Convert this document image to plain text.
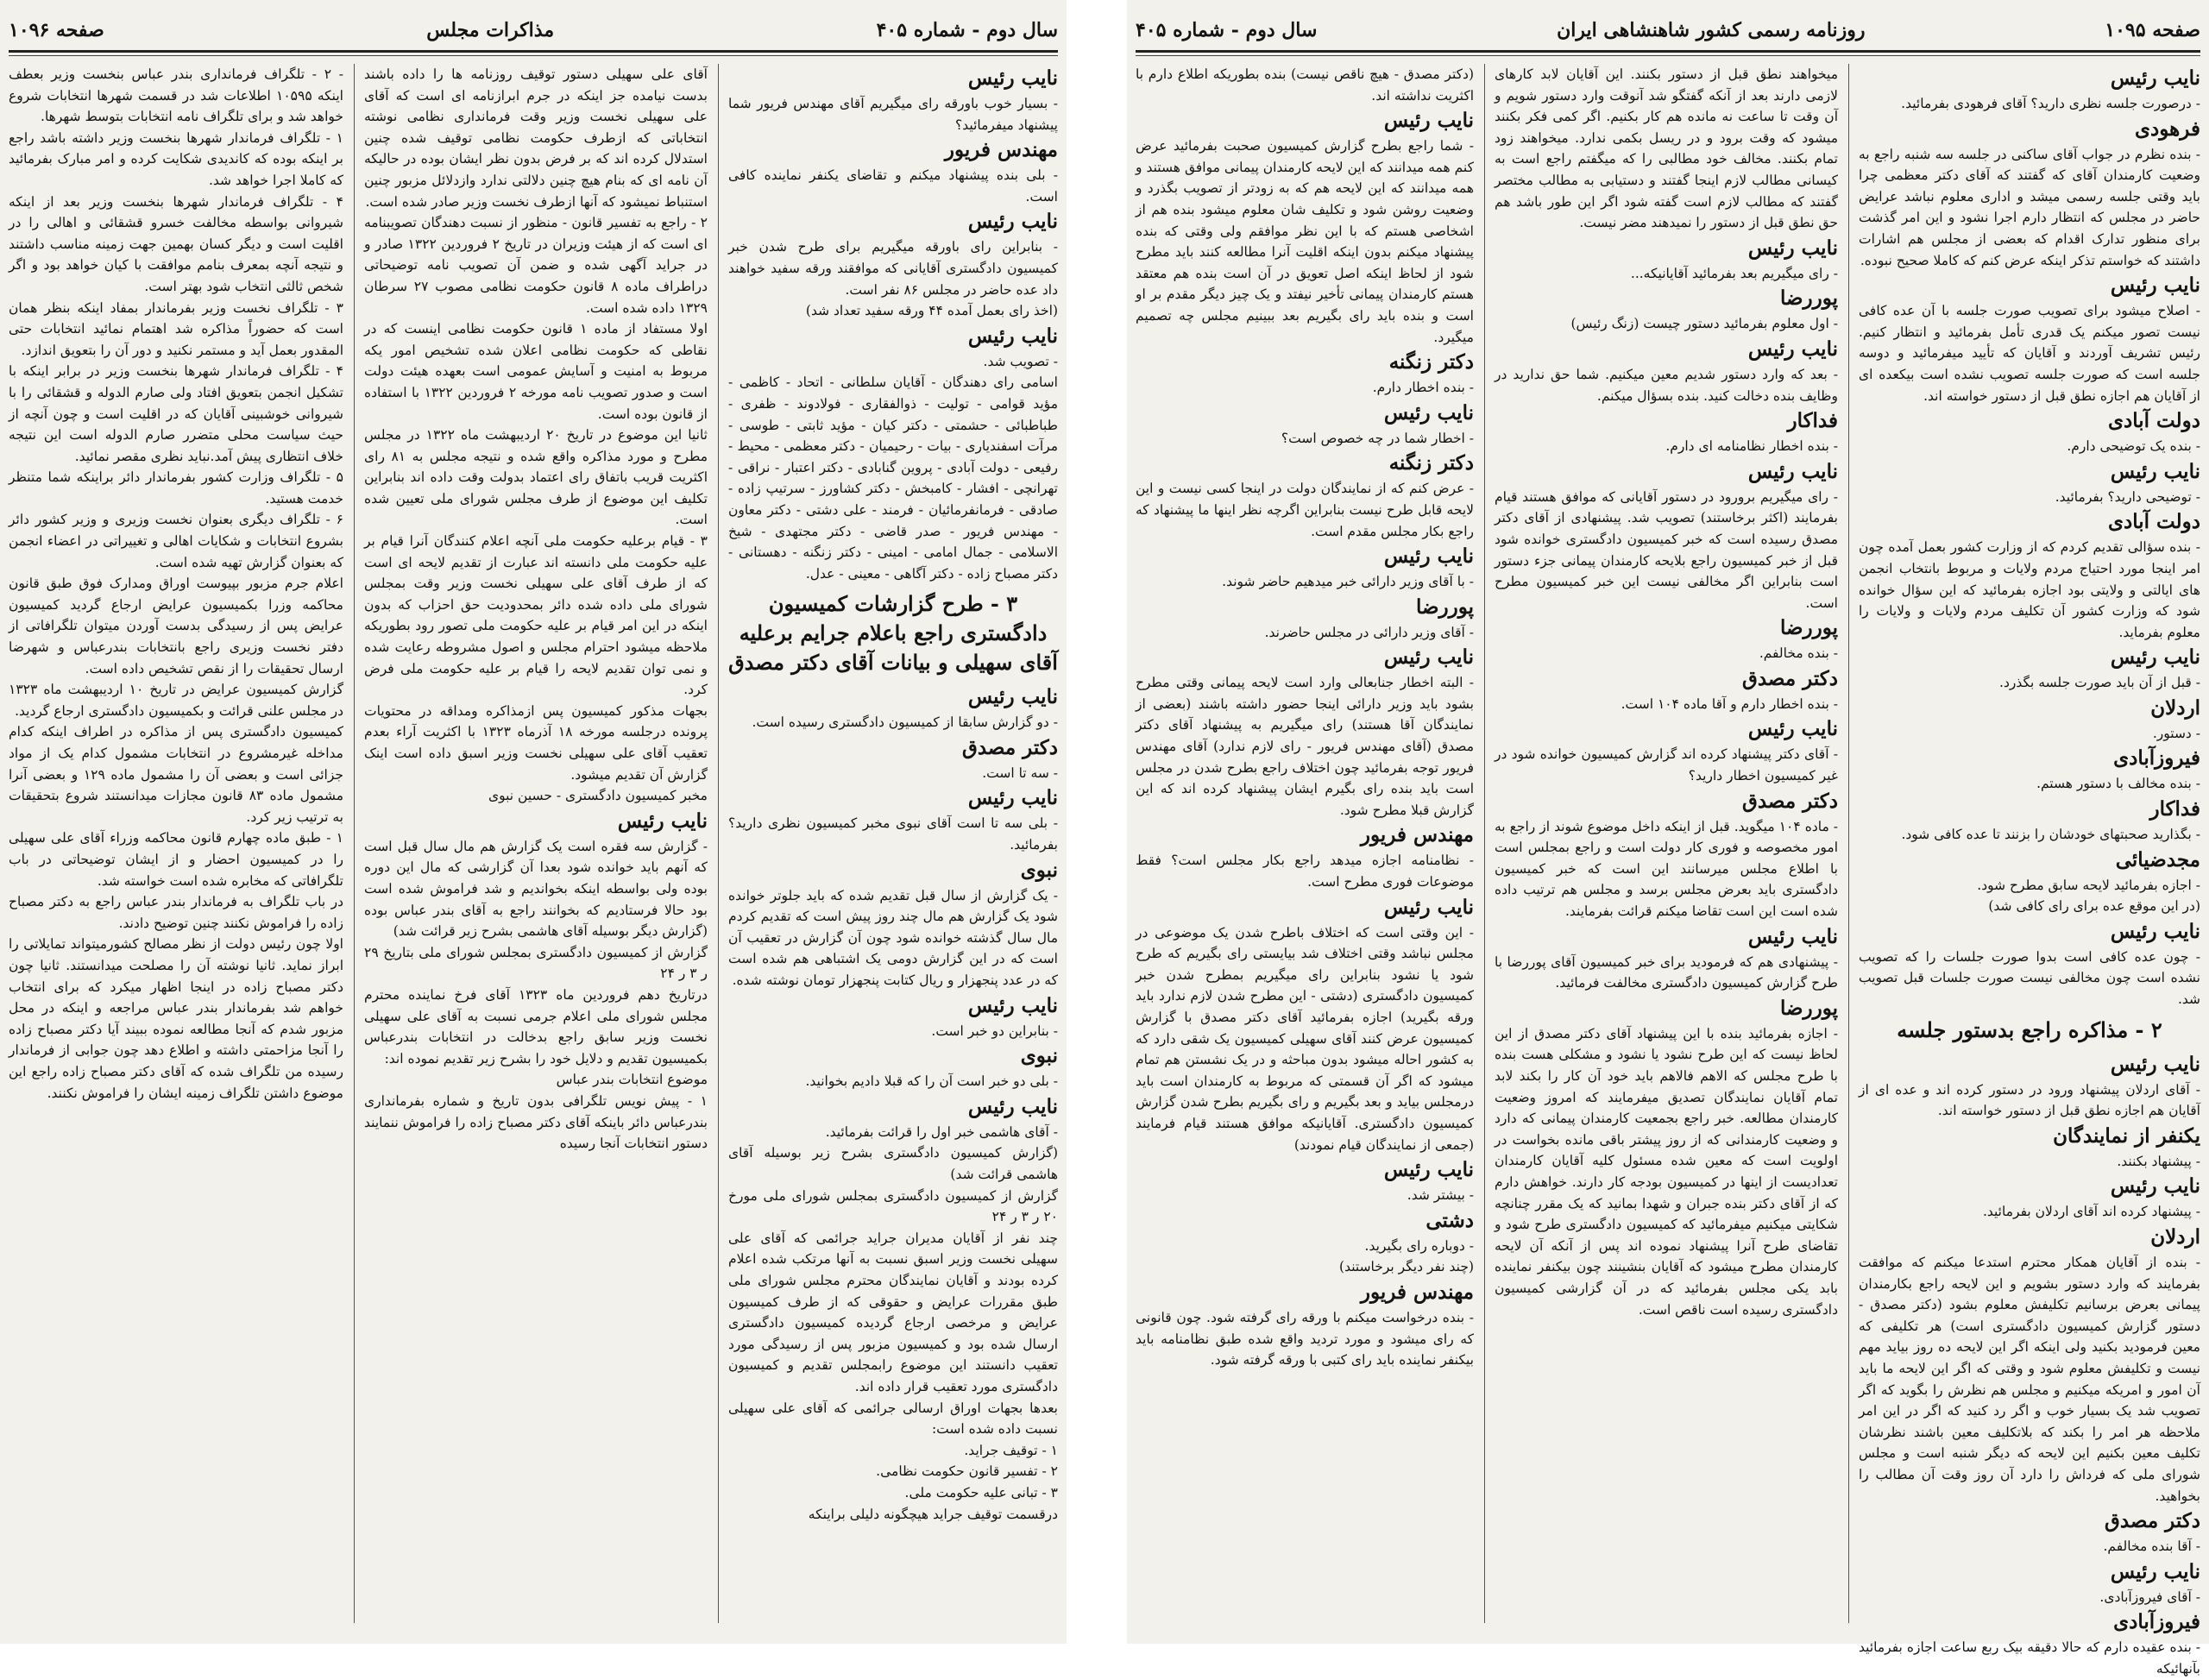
سال دوم - شماره ۴۰۵
مذاکرات مجلس
صفحه ۱۰۹۶

- ۲ - تلگراف فرمانداری بندر عباس بنخست وزیر بعطف اینکه ۱۰۵۹۵ اطلاعات شد در قسمت شهرها انتخابات شروع خواهد شد و برای تلگراف نامه انتخابات بتوسط شهرها.

۱ - تلگراف فرماندار شهرها بنخست وزیر داشته باشد راجع بر اینکه بوده که کاندیدی شکایت کرده و امر مبارک بفرمائید که کاملا اجرا خواهد شد.

۴ - تلگراف فرماندار شهرها بنخست وزیر بعد از اینکه شیروانی بواسطه مخالفت خسرو قشقائی و اهالی را در اقلیت است و دیگر کسان بهمین جهت زمینه مناسب داشتند و نتیجه آنچه بمعرف بنامم موافقت با کیان خواهد بود و اگر شخص ثالثی انتخاب شود بهتر است.

۳ - تلگراف نخست وزیر بفرماندار بمفاد اینکه بنظر همان است که حضوراً مذاکره شد اهتمام نمائید انتخابات حتی المقدور بعمل آید و مستمر نکنید و دور آن را بتعویق اندازد.

۴ - تلگراف فرماندار شهرها بنخست وزیر در برابر اینکه با تشکیل انجمن بتعویق افتاد ولی صارم الدوله و قشقائی را با شیروانی خوشبینی آقایان که در اقلیت است و چون آنچه از حیث سیاست محلی متضرر صارم الدوله است این نتیجه خلاف انتظاری پیش آمد.نباید نظری مقصر نمائید.

۵ - تلگراف وزارت کشور بفرماندار دائر براینکه شما متنظر خدمت هستید.

۶ - تلگراف دیگری بعنوان نخست وزیری و وزیر کشور دائر بشروع انتخابات و شکایات اهالی و تغییراتی در اعضاء انجمن که بعنوان گزارش تهیه شده است.

اعلام جرم مزبور بپیوست اوراق ومدارک فوق طبق قانون محاکمه وزرا بکمیسیون عرایض ارجاع گردید کمیسیون عرایض پس از رسیدگی بدست آوردن میتوان تلگرافاتی از دفتر نخست وزیری راجع بانتخابات بندرعباس و شهرضا ارسال تحقیقات را از نقص تشخیص داده است.

گزارش کمیسیون عرایض در تاریخ ۱۰ اردیبهشت ماه ۱۳۲۳ در مجلس علنی قرائت و بکمیسیون دادگستری ارجاع گردید.

کمیسیون دادگستری پس از مذاکره در اطراف اینکه کدام مداخله غیرمشروع در انتخابات مشمول کدام یک از مواد جزائی است و بعضی آن را مشمول ماده ۱۲۹ و بعضی آنرا مشمول ماده ۸۳ قانون مجازات میدانستند شروع بتحقیقات به ترتیب زیر کرد.

۱ - طبق ماده چهارم قانون محاکمه وزراء آقای علی سهیلی را در کمیسیون احضار و از ایشان توضیحاتی در باب تلگرافاتی که مخابره شده است خواسته شد.

در باب تلگراف به فرماندار بندر عباس راجع به دکتر مصباح زاده را فراموش نکنند چنین توضیح دادند.

اولا چون رئیس دولت از نظر مصالح کشورمیتواند تمایلاتی را ابراز نماید. ثانیا نوشته آن را مصلحت میدانستند. ثانیا چون دکتر مصباح زاده در اینجا اظهار میکرد که برای انتخاب خواهم شد بفرماندار بندر عباس مراجعه و اینکه در محل مزبور شدم که آنجا مطالعه نموده ببیند آیا دکتر مصباح زاده را آنجا مزاحمتی داشته و اطلاع دهد چون جوابی از فرماندار رسیده من تلگراف شده که آقای دکتر مصباح زاده راجع این موضوع داشتن تلگراف زمینه ایشان را فراموش نکنند.

آقای علی سهیلی دستور توقیف روزنامه ها را داده باشند بدست نیامده جز اینکه در جرم ابرازنامه ای است که آقای علی سهیلی نخست وزیر وقت فرمانداری نظامی نوشته انتخاباتی که ازطرف حکومت نظامی توقیف شده چنین استدلال کرده اند که بر فرض بدون نظر ایشان بوده در حالیکه آن نامه ای که بنام هیچ چنین دلالتی ندارد وازدلائل مزبور چنین استنباط نمیشود که آنها ازطرف نخست وزیر صادر شده است.

۲ - راجع به تفسیر قانون - منظور از نسبت دهندگان تصویبنامه ای است که از هیئت وزیران در تاریخ ۲ فروردین ۱۳۲۲ صادر و در جراید آگهی شده و ضمن آن تصویب نامه توضیحاتی دراطراف ماده ۸ قانون حکومت نظامی مصوب ۲۷ سرطان ۱۳۲۹ داده شده است.

اولا مستفاد از ماده ۱ قانون حکومت نظامی اینست که در نقاطی که حکومت نظامی اعلان شده تشخیص امور یکه مربوط به امنیت و آسایش عمومی است بعهده هیئت دولت است و صدور تصویب نامه مورخه ۲ فروردین ۱۳۲۲ با استفاده از قانون بوده است.

ثانیا این موضوع در تاریخ ۲۰ اردیبهشت ماه ۱۳۲۲ در مجلس مطرح و مورد مذاکره واقع شده و نتیجه مجلس به ۸۱ رای اکثریت قریب باتفاق رای اعتماد بدولت وقت داده اند بنابراین تکلیف این موضوع از طرف مجلس شورای ملی تعیین شده است.

۳ - قیام برعلیه حکومت ملی آنچه اعلام کنندگان آنرا قیام بر علیه حکومت ملی دانسته اند عبارت از تقدیم لایحه ای است که از طرف آقای علی سهیلی نخست وزیر وقت بمجلس شورای ملی داده شده دائر بمحدودیت حق احزاب که بدون اینکه در این امر قیام بر علیه حکومت ملی تصور رود بطوریکه ملاحظه میشود احترام مجلس و اصول مشروطه رعایت شده و نمی توان تقدیم لایحه را قیام بر علیه حکومت ملی فرض کرد.

بجهات مذکور کمیسیون پس ازمذاکره ومداقه در محتویات پرونده درجلسه مورخه ۱۸ آذرماه ۱۳۲۳ با اکثریت آراء بعدم تعقیب آقای علی سهیلی نخست وزیر اسبق داده است اینک گزارش آن تقدیم میشود.

مخبر کمیسیون دادگستری - حسین نبوی

نایب رئیس
- گزارش سه فقره است یک گزارش هم مال سال قبل است که آنهم باید خوانده شود بعدا آن گزارشی که مال این دوره بوده ولی بواسطه اینکه بخواندیم و شد فراموش شده است بود حالا فرستادیم که بخوانند راجع به آقای بندر عباس بوده (گزارش دیگر بوسیله آقای هاشمی بشرح زیر قرائت شد)

گزارش از کمیسیون دادگستری بمجلس شورای ملی بتاریخ ۲۹ ر ۳ ر ۲۴

درتاریخ دهم فروردین ماه ۱۳۲۳ آقای فرخ نماینده محترم مجلس شورای ملی اعلام جرمی نسبت به آقای علی سهیلی نخست وزیر سابق راجع بدخالت در انتخابات بندرعباس بکمیسیون تقدیم و دلایل خود را بشرح زیر تقدیم نموده اند:

موضوع انتخابات بندر عباس

۱ - پیش نویس تلگرافی بدون تاریخ و شماره بفرمانداری بندرعباس دائر باینکه آقای دکتر مصباح زاده را فراموش ننمایند دستور انتخابات آنجا رسیده

نایب رئیس
- بسیار خوب باورقه رای میگیریم آقای مهندس فریور شما پیشنهاد میفرمائید؟

مهندس فریور
- بلی بنده پیشنهاد میکنم و تقاضای یکنفر نماینده کافی است.

نایب رئیس
- بنابراین رای باورقه میگیریم برای طرح شدن خبر کمیسیون دادگستری آقایانی که موافقند ورقه سفید خواهند داد عده حاضر در مجلس ۸۶ نفر است.

(اخذ رای بعمل آمده ۴۴ ورقه سفید تعداد شد)

نایب رئیس
- تصویب شد.

اسامی رای دهندگان - آقایان سلطانی - اتحاد - کاظمی - مؤید قوامی - تولیت - ذوالفقاری - فولادوند - ظفری - طباطبائی - حشمتی - دکتر کیان - مؤید ثابتی - طوسی - مرآت اسفندیاری - بیات - رحیمیان - دکتر معظمی - محیط - رفیعی - دولت آبادی - پروین گنابادی - دکتر اعتبار - نراقی - تهرانچی - افشار - کامبخش - دکتر کشاورز - سرتیپ زاده - صادقی - فرمانفرمائیان - فرمند - علی دشتی - دکتر معاون - مهندس فریور - صدر قاضی - دکتر مجتهدی - شیخ الاسلامی - جمال امامی - امینی - دکتر زنگنه - دهستانی - دکتر مصباح زاده - دکتر آگاهی - معینی - عدل.

۳ - طرح گزارشات کمیسیون دادگستری راجع باعلام جرایم برعلیه آقای سهیلی و بیانات آقای دکتر مصدق

نایب رئیس
- دو گزارش سابقا از کمیسیون دادگستری رسیده است.

دکتر مصدق
- سه تا است.

نایب رئیس
- بلی سه تا است آقای نبوی مخبر کمیسیون نظری دارید؟ بفرمائید.

نبوی
- یک گزارش از سال قبل تقدیم شده که باید جلوتر خوانده شود یک گزارش هم مال چند روز پیش است که تقدیم کردم مال سال گذشته خوانده شود چون آن گزارش در تعقیب آن است که در این گزارش دومی یک اشتباهی هم شده است که در عدد پنجهزار و ریال کتابت پنجهزار تومان نوشته شده.

نایب رئیس
- بنابراین دو خبر است.

نبوی
- بلی دو خبر است آن را که قبلا دادیم بخوانید.

نایب رئیس
- آقای هاشمی خبر اول را قرائت بفرمائید.

(گزارش کمیسیون دادگستری بشرح زیر بوسیله آقای هاشمی قرائت شد)

گزارش از کمیسیون دادگستری بمجلس شورای ملی مورخ ۲۰ ر ۳ ر ۲۴

چند نفر از آقایان مدیران جراید جرائمی که آقای علی سهیلی نخست وزیر اسبق نسبت به آنها مرتکب شده اعلام کرده بودند و آقایان نمایندگان محترم مجلس شورای ملی طبق مقررات عرایض و حقوقی که از طرف کمیسیون عرایض و مرخصی ارجاع گردیده کمیسیون دادگستری ارسال شده بود و کمیسیون مزبور پس از رسیدگی مورد تعقیب دانستند این موضوع رابمجلس تقدیم و کمیسیون دادگستری مورد تعقیب قرار داده اند.

بعدها بجهات اوراق ارسالی جرائمی که آقای علی سهیلی نسبت داده شده است:

۱ - توقیف جراید.

۲ - تفسیر قانون حکومت نظامی.

۳ - تبانی علیه حکومت ملی.

درقسمت توقیف جراید هیچگونه دلیلی براینکه

صفحه ۱۰۹۵
روزنامه رسمی کشور شاهنشاهی ایران
سال دوم - شماره ۴۰۵

(دکتر مصدق - هیچ ناقص نیست) بنده بطوریکه اطلاع دارم با اکثریت نداشته اند.

نایب رئیس
- شما راجع بطرح گزارش کمیسیون صحبت بفرمائید عرض کنم همه میدانند که این لایحه کارمندان پیمانی موافق هستند و همه میدانند که این لایحه هم که به زودتر از تصویب بگذرد و وضعیت روشن شود و تکلیف شان معلوم میشود بنده هم از اشخاصی هستم که با این نظر موافقم ولی وقتی که بنده پیشنهاد میکنم بدون اینکه اقلیت آنرا مطالعه کنند باید مطرح شود از لحاظ اینکه اصل تعویق در آن است بنده هم معتقد هستم کارمندان پیمانی تأخیر نیفتد و یک چیز دیگر مقدم بر او است و بنده باید رای بگیریم بعد ببینیم مجلس چه تصمیم میگیرد.

دکتر زنگنه
- بنده اخطار دارم.

نایب رئیس
- اخطار شما در چه خصوص است؟

دکتر زنگنه
- عرض کنم که از نمایندگان دولت در اینجا کسی نیست و این لایحه قابل طرح نیست بنابراین اگرچه نظر اینها ما پیشنهاد که راجع بکار مجلس مقدم است.

نایب رئیس
- با آقای وزیر دارائی خبر میدهیم حاضر شوند.

پوررضا
- آقای وزیر دارائی در مجلس حاضرند.

نایب رئیس
- البته اخطار جنابعالی وارد است لایحه پیمانی وقتی مطرح بشود باید وزیر دارائی اینجا حضور داشته باشند (بعضی از نمایندگان آقا هستند) رای میگیریم به پیشنهاد آقای دکتر مصدق (آقای مهندس فریور - رای لازم ندارد) آقای مهندس فریور توجه بفرمائید چون اختلاف راجع بطرح شدن در مجلس است باید بنده رای بگیرم ایشان پیشنهاد کرده اند که این گزارش قبلا مطرح شود.

مهندس فریور
- نظامنامه اجازه میدهد راجع بکار مجلس است؟ فقط موضوعات فوری مطرح است.

نایب رئیس
- این وقتی است که اختلاف باطرح شدن یک موضوعی در مجلس نباشد وقتی اختلاف شد بیایستی رای بگیریم که طرح شود یا نشود بنابراین رای میگیریم بمطرح شدن خبر کمیسیون دادگستری (دشتی - این مطرح شدن لازم ندارد باید ورقه بگیرید) اجازه بفرمائید آقای دکتر مصدق با گزارش کمیسیون عرض کنند آقای سهیلی کمیسیون یک شقی دارد که به کشور احاله میشود بدون مباحثه و در یک نشستن هم تمام میشود که اگر آن قسمتی که مربوط به کارمندان است باید درمجلس بیاید و بعد بگیریم و رای بگیریم بطرح شدن گزارش کمیسیون دادگستری. آقایانیکه موافق هستند قیام فرمایند (جمعی از نمایندگان قیام نمودند)

نایب رئیس
- بیشتر شد.

دشتی
- دوباره رای بگیرید.

(چند نفر دیگر برخاستند)

مهندس فریور
- بنده درخواست میکنم با ورقه رای گرفته شود. چون قانونی که رای میشود و مورد تردید واقع شده طبق نظامنامه باید بیکنفر نماینده باید رای کتبی با ورقه گرفته شود.

میخواهند نطق قبل از دستور بکنند. این آقایان لابد کارهای لازمی دارند بعد از آنکه گفتگو شد آنوقت وارد دستور شویم و آن وقت تا ساعت نه مانده هم کار بکنیم. اگر کمی فکر بکنند میشود که وقت برود و در ریسل بکمی ندارد. میخواهند زود تمام بکنند. مخالف خود مطالبی را که میگفتم راجع است به کیسانی مطالب لازم اینجا گفتند و دستیابی به مطالب مختصر گفتند که مطالب لازم است گفته شود اگر این طور باشد هم حق نطق قبل از دستور را نمیدهند مضر نیست.

نایب رئیس
- رای میگیریم بعد بفرمائید آقایانیکه...

پوررضا
- اول معلوم بفرمائید دستور چیست (زنگ رئیس)

نایب رئیس
- بعد که وارد دستور شدیم معین میکنیم. شما حق ندارید در وظایف بنده دخالت کنید. بنده بسؤال میکنم.

فداکار
- بنده اخطار نظامنامه ای دارم.

نایب رئیس
- رای میگیریم برورود در دستور آقایانی که موافق هستند قیام بفرمایند (اکثر برخاستند) تصویب شد. پیشنهادی از آقای دکتر مصدق رسیده است که خبر کمیسیون دادگستری خوانده شود قبل از خبر کمیسیون راجع بلایحه کارمندان پیمانی جزء دستور است بنابراین اگر مخالفی نیست این خبر کمیسیون مطرح است.

پوررضا
- بنده مخالفم.

دکتر مصدق
- بنده اخطار دارم و آقا ماده ۱۰۴ است.

نایب رئیس
- آقای دکتر پیشنهاد کرده اند گزارش کمیسیون خوانده شود در غیر کمیسیون اخطار دارید؟

دکتر مصدق
- ماده ۱۰۴ میگوید. قبل از اینکه داخل موضوع شوند از راجع به امور مخصوصه و فوری کار دولت است و راجع بمجلس است با اطلاع مجلس میرسانند این است که خبر کمیسیون دادگستری باید بعرض مجلس برسد و مجلس هم ترتیب داده شده است این است تقاضا میکنم قرائت بفرمایند.

نایب رئیس
- پیشنهادی هم که فرمودید برای خبر کمیسیون آقای پوررضا با طرح گزارش کمیسیون دادگستری مخالفت فرمائید.

پوررضا
- اجازه بفرمائید بنده با این پیشنهاد آقای دکتر مصدق از این لحاظ نیست که این طرح نشود یا نشود و مشکلی هست بنده با طرح مجلس که الاهم فالاهم باید خود آن کار را بکند لابد تمام آقایان نمایندگان تصدیق میفرمایند که امروز وضعیت کارمندان مطالعه. خبر راجع بجمعیت کارمندان پیمانی که دارد و وضعیت کارمندانی که از روز پیشتر باقی مانده بخواست در اولویت است که معین شده مسئول کلیه آقایان کارمندان تعدادیست از اینها در کمیسیون بودجه کار دارند. خواهش دارم که از آقای دکتر بنده جبران و شهدا بمانید که یک مقرر چنانچه شکایتی میکنیم میفرمائید که کمیسیون دادگستری طرح شود و تقاضای طرح آنرا پیشنهاد نموده اند پس از آنکه آن لایحه کارمندان مطرح میشود که آقایان بنشینند چون بیکنفر نماینده بابد یکی مجلس بفرمائید که در آن گزارشی کمیسیون دادگستری رسیده است ناقص است.

نایب رئیس
- درصورت جلسه نظری دارید؟ آقای فرهودی بفرمائید.

فرهودی
- بنده نظرم در جواب آقای ساکنی در جلسه سه شنبه راجع به وضعیت کارمندان آقای که گفتند که آقای دکتر معظمی چرا باید وقتی جلسه رسمی میشد و اداری معلوم نباشد عرایض حاضر در مجلس که انتظار دارم اجرا نشود و این امر گذشت برای منظور تدارک اقدام که بعضی از مجلس هم اشارات داشتند که خواستم تذکر اینکه عرض کنم که کاملا صحیح نبوده.

نایب رئیس
- اصلاح میشود برای تصویب صورت جلسه با آن عده کافی نیست تصور میکنم یک قدری تأمل بفرمائید و انتظار کنیم. رئیس تشریف آوردند و آقایان که تأیید میفرمائید و دوسه جلسه است که صورت جلسه تصویب نشده است بیکعده ای از آقایان هم اجازه نطق قبل از دستور خواسته اند.

دولت آبادی
- بنده یک توضیحی دارم.

نایب رئیس
- توضیحی دارید؟ بفرمائید.

دولت آبادی
- بنده سؤالی تقدیم کردم که از وزارت کشور بعمل آمده چون امر اینجا مورد احتیاج مردم ولایات و مربوط بانتخاب انجمن های ایالتی و ولایتی بود اجازه بفرمائید که این سؤال خوانده شود که وزارت کشور آن تکلیف مردم ولایات و ولایات را معلوم بفرماید.

نایب رئیس
- قبل از آن باید صورت جلسه بگذرد.

اردلان
- دستور.

فیروزآبادی
- بنده مخالف با دستور هستم.

فداکار
- بگذارید صحبتهای خودشان را بزنند تا عده کافی شود.

مجدضیائی
- اجازه بفرمائید لایحه سابق مطرح شود.

(در این موقع عده برای رای کافی شد)

نایب رئیس
- چون عده کافی است بدوا صورت جلسات را که تصویب نشده است چون مخالفی نیست صورت جلسات قبل تصویب شد.

۲ - مذاکره راجع بدستور جلسه

نایب رئیس
- آقای اردلان پیشنهاد ورود در دستور کرده اند و عده ای از آقایان هم اجازه نطق قبل از دستور خواسته اند.

یکنفر از نمایندگان
- پیشنهاد بکنند.

نایب رئیس
- پیشنهاد کرده اند آقای اردلان بفرمائید.

اردلان
- بنده از آقایان همکار محترم استدعا میکنم که موافقت بفرمایند که وارد دستور بشویم و این لایحه راجع بکارمندان پیمانی بعرض برسانیم تکلیفش معلوم بشود (دکتر مصدق - دستور گزارش کمیسیون دادگستری است) هر تکلیفی که معین فرمودید بکنید ولی اینکه اگر این لایحه ده روز بیاید مهم نیست و تکلیفش معلوم شود و وقتی که اگر این لایحه ما باید آن امور و امریکه میکنیم و مجلس هم نظرش را بگوید که اگر تصویب شد یک بسیار خوب و اگر رد کنید که اگر در این امر ملاحظه هر امر را بکند که بلاتکلیف معین باشند نظرشان تکلیف معین بکنیم این لایحه که دیگر شنبه است و مجلس شورای ملی که فرداش را دارد آن روز وقت آن مطالب را بخواهید.

دکتر مصدق
- آقا بنده مخالفم.

نایب رئیس
- آقای فیروزآبادی.

فیروزآبادی
- بنده عقیده دارم که حالا دقیقه بیک ربع ساعت اجازه بفرمائید بآنهائیکه
